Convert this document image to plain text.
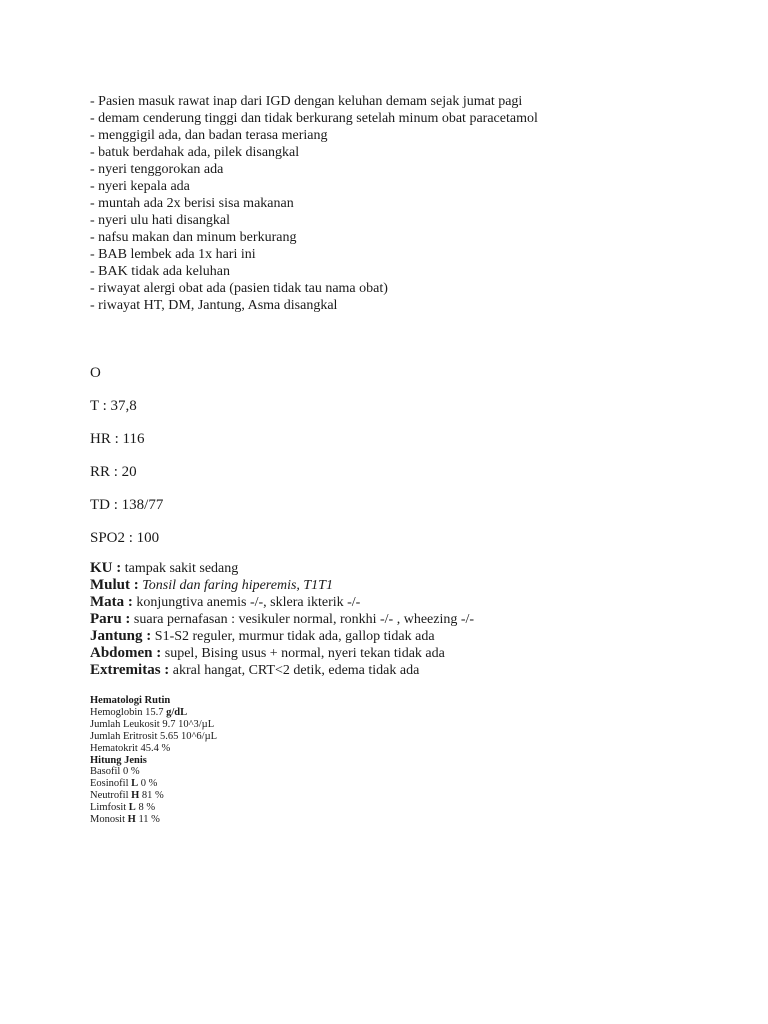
- Pasien masuk rawat inap dari IGD dengan keluhan demam sejak jumat pagi
- demam cenderung tinggi dan tidak berkurang setelah minum obat paracetamol
- menggigil ada, dan badan terasa meriang
- batuk berdahak ada, pilek disangkal
- nyeri tenggorokan ada
- nyeri kepala ada
- muntah ada 2x berisi sisa makanan
- nyeri ulu hati disangkal
- nafsu makan dan minum berkurang
- BAB lembek ada 1x hari ini
- BAK tidak ada keluhan
- riwayat alergi obat ada (pasien tidak tau nama obat)
- riwayat HT, DM, Jantung, Asma disangkal
O
T : 37,8
HR : 116
RR : 20
TD : 138/77
SPO2 : 100
KU : tampak sakit sedang
Mulut : Tonsil dan faring hiperemis, T1T1
Mata : konjungtiva anemis -/-, sklera ikterik -/-
Paru : suara pernafasan : vesikuler normal, ronkhi -/- , wheezing -/-
Jantung : S1-S2 reguler, murmur tidak ada, gallop tidak ada
Abdomen : supel, Bising usus + normal, nyeri tekan tidak ada
Extremitas : akral hangat, CRT<2 detik, edema tidak ada
Hematologi Rutin
Hemoglobin 15.7 g/dL
Jumlah Leukosit 9.7 10^3/µL
Jumlah Eritrosit 5.65 10^6/µL
Hematokrit 45.4 %
Hitung Jenis
Basofil 0 %
Eosinofil L 0 %
Neutrofil H 81 %
Limfosit L 8 %
Monosit H 11 %
